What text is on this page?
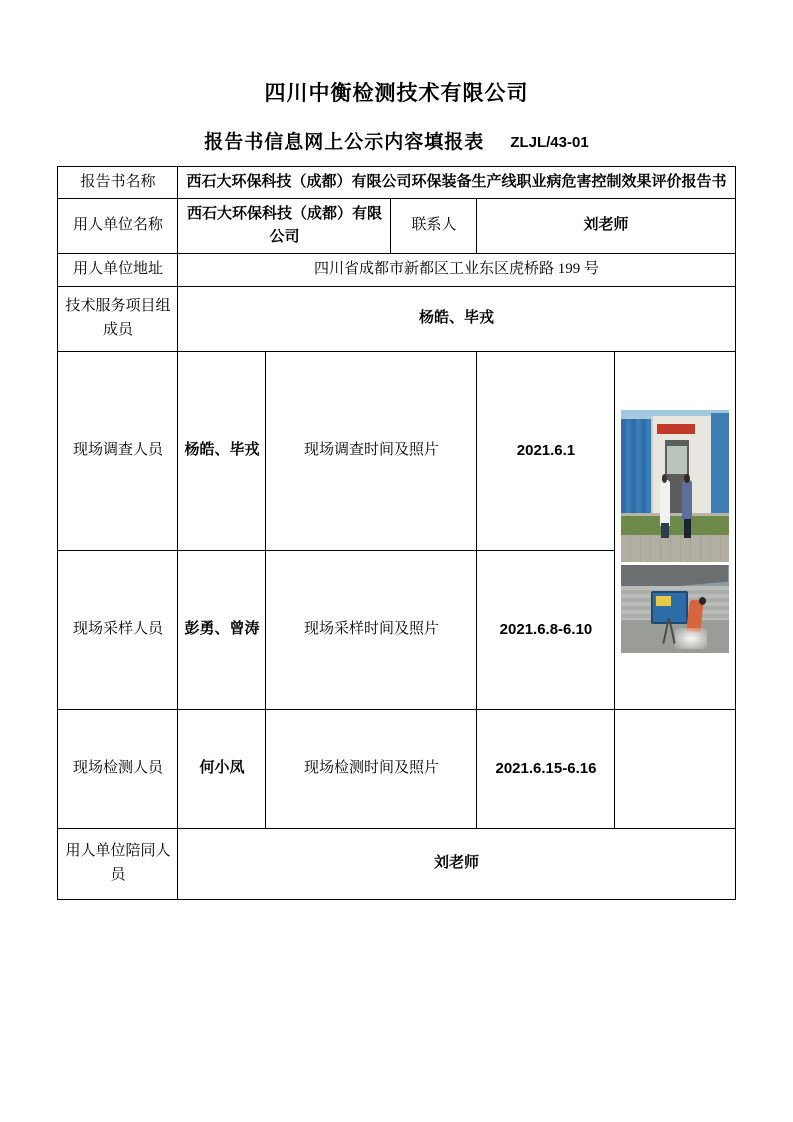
四川中衡检测技术有限公司
报告书信息网上公示内容填报表 ZLJL/43-01
报告书名称	西石大环保科技（成都）有限公司环保装备生产线职业病危害控制效果评价报告书				
用人单位名称	西石大环保科技（成都）有限公司		联系人	刘老师	
用人单位地址	四川省成都市新都区工业东区虎桥路 199 号				
技术服务项目组成员	杨皓、毕戎				
现场调查人员	杨皓、毕戎	现场调查时间及照片		2021.6.1	

现场采样人员	彭勇、曾涛	现场采样时间及照片		2021.6.8-6.10	
现场检测人员	何小凤	现场检测时间及照片		2021.6.15-6.16	
用人单位陪同人员	刘老师				
